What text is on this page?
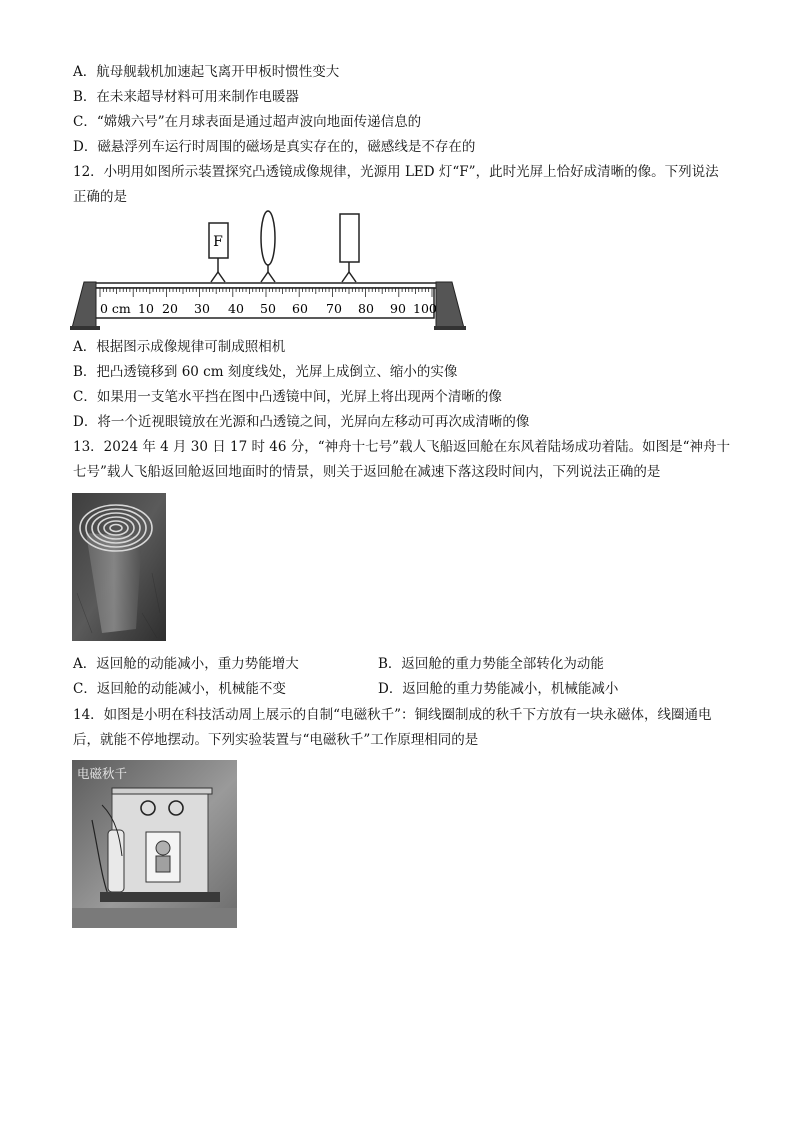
A．航母舰载机加速起飞离开甲板时惯性变大
B．在未来超导材料可用来制作电暖器
C．“嫦娥六号”在月球表面是通过超声波向地面传递信息的
D．磁悬浮列车运行时周围的磁场是真实存在的，磁感线是不存在的
12．小明用如图所示装置探究凸透镜成像规律，光源用 LED 灯“F”，此时光屏上恰好成清晰的像。下列说法
正确的是
F
0 cm 10 20 30 40 50 60 70 80 90 100
A．根据图示成像规律可制成照相机
B．把凸透镜移到 60 cm 刻度线处，光屏上成倒立、缩小的实像
C．如果用一支笔水平挡在图中凸透镜中间，光屏上将出现两个清晰的像
D．将一个近视眼镜放在光源和凸透镜之间，光屏向左移动可再次成清晰的像
13．2024 年 4 月 30 日 17 时 46 分，“神舟十七号”载人飞船返回舱在东风着陆场成功着陆。如图是“神舟十
七号”载人飞船返回舱返回地面时的情景，则关于返回舱在减速下落这段时间内，下列说法正确的是
A．返回舱的动能减小，重力势能增大	B．返回舱的重力势能全部转化为动能
C．返回舱的动能减小，机械能不变	D．返回舱的重力势能减小，机械能减小
14．如图是小明在科技活动周上展示的自制“电磁秋千”：铜线圈制成的秋千下方放有一块永磁体，线圈通电
后，就能不停地摆动。下列实验装置与“电磁秋千”工作原理相同的是
电磁秋千
